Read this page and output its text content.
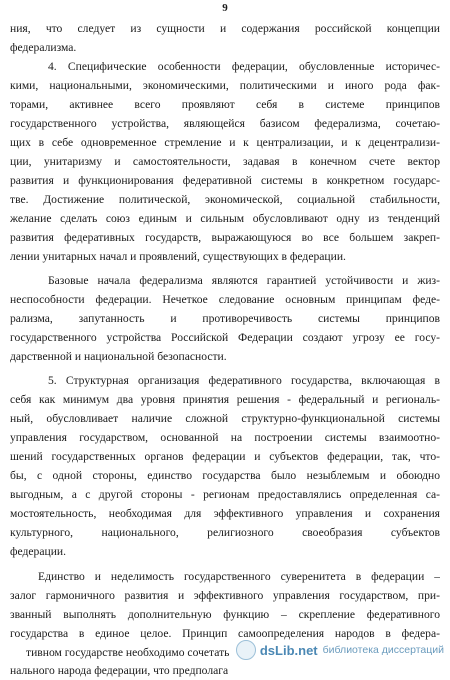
9
ния, что следует из сущности и содержания российской концепции
федерализма.
4. Специфические особенности федерации, обусловленные историчес-
кими, национальными, экономическими, политическими и иного рода фак-
торами, активнее всего проявляют себя в системе принципов
государственного устройства, являющейся базисом федерализма, сочетаю-
щих в себе одновременное стремление и к централизации, и к децентрализи-
ции, унитаризму и самостоятельности, задавая в конечном счете вектор
развития и функционирования федеративной системы в конкретном государс-
тве. Достижение политической, экономической, социальной стабильности,
желание сделать союз единым и сильным обусловливают одну из тенденций
развития федеративных государств, выражающуюся во все большем закреп-
лении унитарных начал и проявлений, существующих в федерации.
Базовые начала федерализма являются гарантией устойчивости и жиз-
неспособности федерации. Нечеткое следование основным принципам феде-
рализма, запутанность и противоречивость системы принципов
государственного устройства Российской Федерации создают угрозу ее госу-
дарственной и национальной безопасности.
5. Структурная организация федеративного государства, включающая в
себя как минимум два уровня принятия решения - федеральный и региональ-
ный, обусловливает наличие сложной структурно-функциональной системы
управления государством, основанной на построении системы взаимоотно-
шений государственных органов федерации и субъектов федерации, так, что-
бы, с одной стороны, единство государства было незыблемым и обоюдно
выгодным, а с другой стороны - регионам предоставлялись определенная са-
мостоятельность, необходимая для эффективного управления и сохранения
культурного, национального, религиозного своеобразия субъектов
федерации.
Единство и неделимость государственного суверенитета в федерации –
залог гармоничного развития и эффективного управления государством, при-
званный выполнять дополнительную функцию – скрепление федеративного
государства в единое целое. Принцип самоопределения народов в федера-
тивном государстве необходимо сочетать
нального народа федерации, что предполага
dsLib.net библиотека диссертаций
